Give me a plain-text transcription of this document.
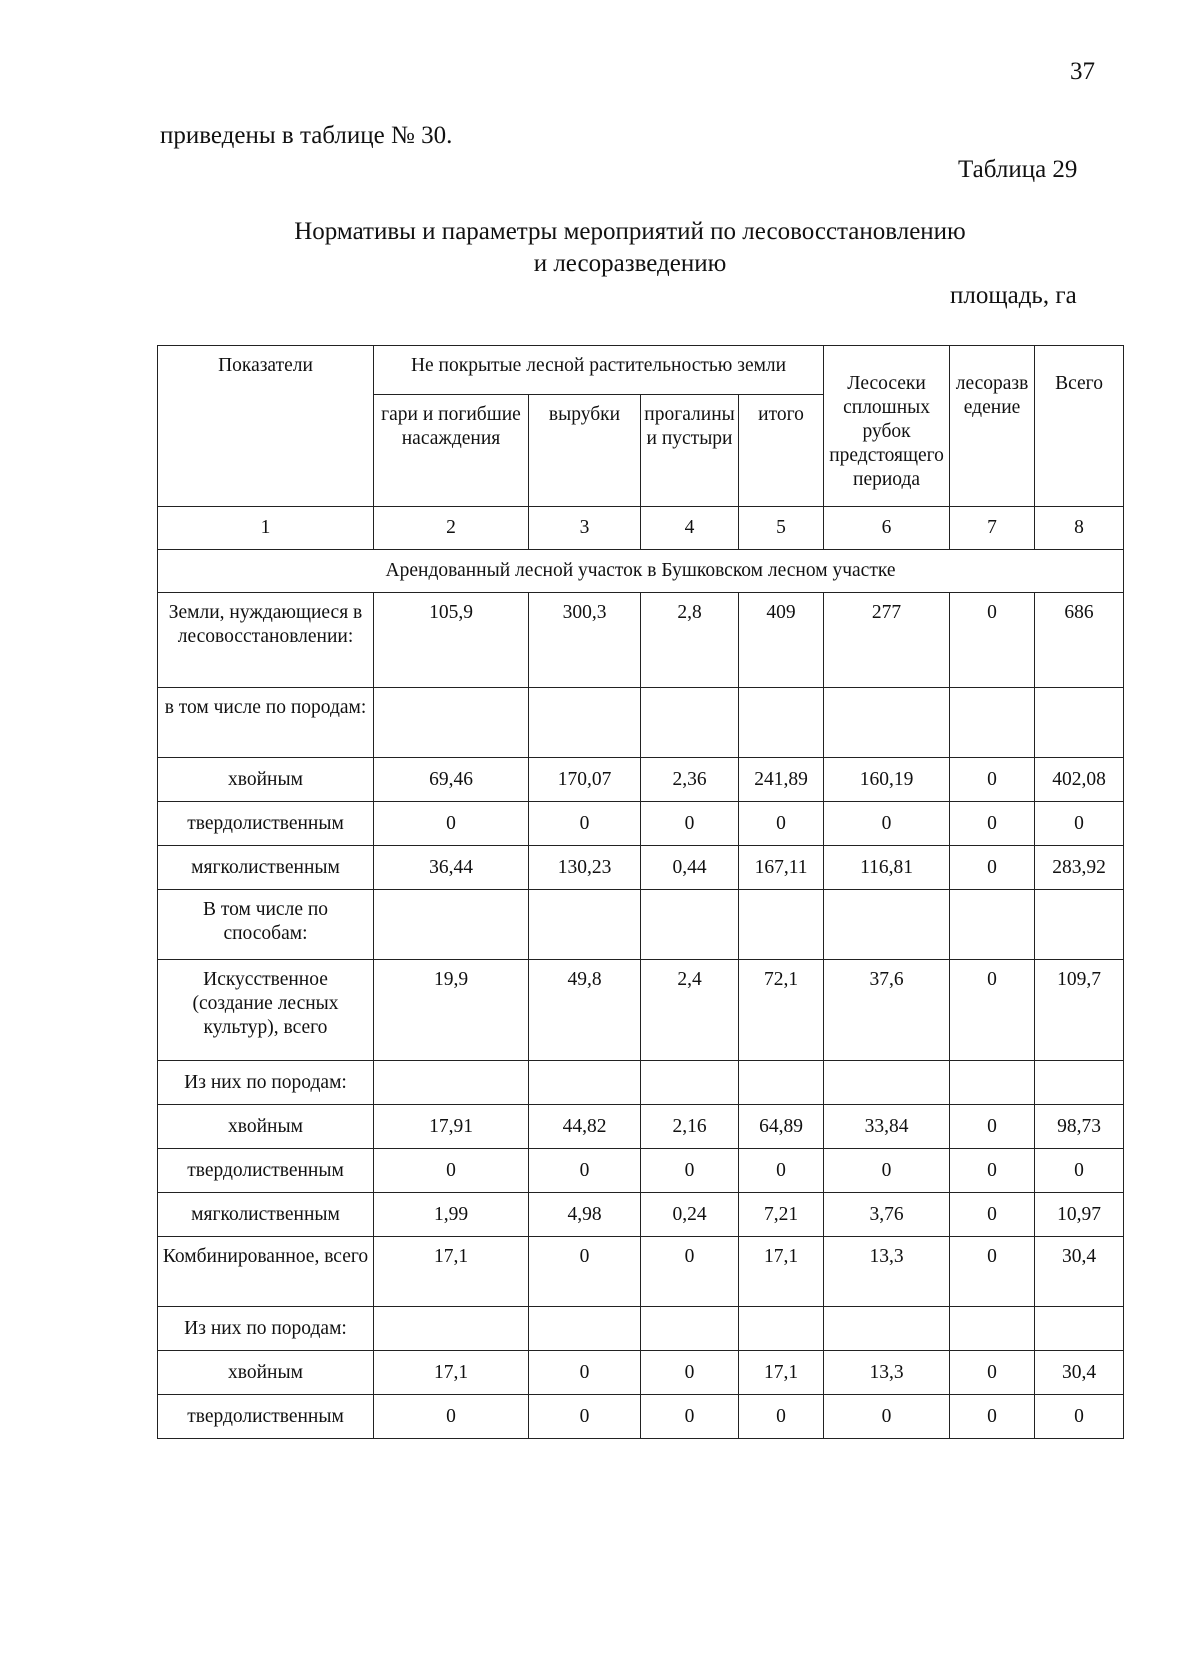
37
приведены в таблице № 30.
Таблица 29
Нормативы и параметры мероприятий по лесовосстановлению
и лесоразведению
площадь, га
Показатели	Не покрытые лесной растительностью земли				Лесосеки сплошных рубок предстоящего периода	лесоразведение	Всего
	гари и погибшие насаждения	вырубки	прогалины и пустыри	итого			
1	2	3	4	5	6	7	8
Арендованный лесной участок в Бушковском лесном участке							
Земли, нуждающиеся в лесовосстановлении:	105,9	300,3	2,8	409	277	0	686
в том числе по породам:							
хвойным	69,46	170,07	2,36	241,89	160,19	0	402,08
твердолиственным	0	0	0	0	0	0	0
мягколиственным	36,44	130,23	0,44	167,11	116,81	0	283,92
В том числе по способам:							
Искусственное (создание лесных культур), всего	19,9	49,8	2,4	72,1	37,6	0	109,7
Из них по породам:							
хвойным	17,91	44,82	2,16	64,89	33,84	0	98,73
твердолиственным	0	0	0	0	0	0	0
мягколиственным	1,99	4,98	0,24	7,21	3,76	0	10,97
Комбинированное, всего	17,1	0	0	17,1	13,3	0	30,4
Из них по породам:							
хвойным	17,1	0	0	17,1	13,3	0	30,4
твердолиственным	0	0	0	0	0	0	0
